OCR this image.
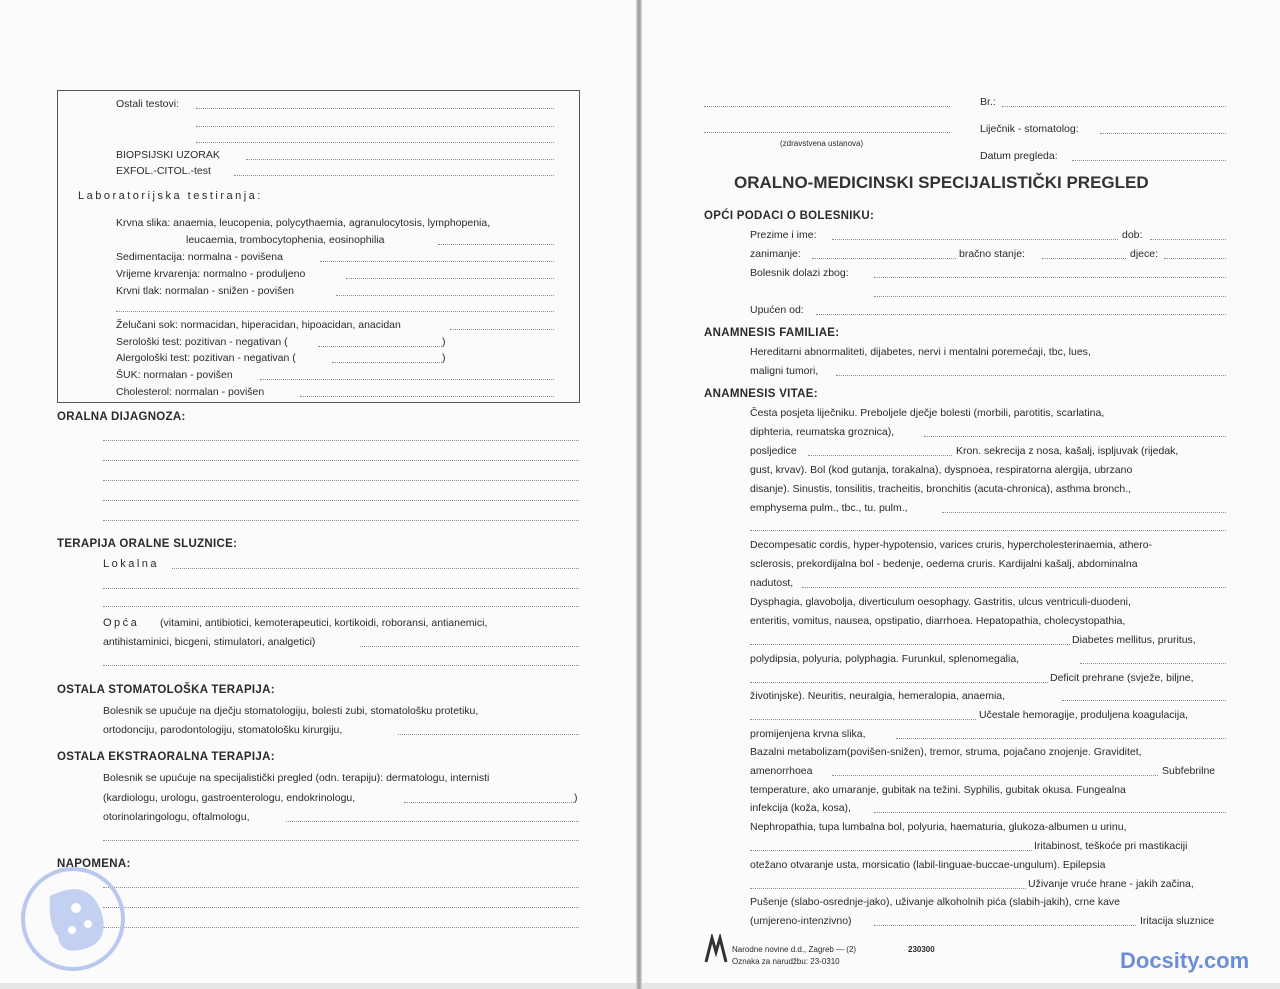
Ostali testovi:
BIOPSIJSKI UZORAK
EXFOL.-CITOL.-test
Laboratorijska testiranja:
Krvna slika: anaemia, leucopenia, polycythaemia, agranulocytosis, lymphopenia,
leucaemia, trombocytophenia, eosinophilia
Sedimentacija: normalna - povišena
Vrijeme krvarenja: normalno - produljeno
Krvni tlak: normalan - snižen - povišen
Želučani sok: normacidan, hiperacidan, hipoacidan, anacidan
Serološki test: pozitivan - negativan (	)
Alergološki test: pozitivan - negativan (	)
ŠUK: normalan - povišen
Cholesterol: normalan - povišen
ORALNA DIJAGNOZA:
TERAPIJA ORALNE SLUZNICE:
Lokalna
Opća (vitamini, antibiotici, kemoterapeutici, kortikoidi, roboransi, antianemici,
antihistaminici, bicgeni, stimulatori, analgetici)
OSTALA STOMATOLOŠKA TERAPIJA:
Bolesnik se upućuje na dječju stomatologiju, bolesti zubi, stomatološku protetiku,
ortodonciju, parodontologiju, stomatološku kirurgiju,
OSTALA EKSTRAORALNA TERAPIJA:
Bolesnik se upućuje na specijalistički pregled (odn. terapiju): dermatologu, internisti
(kardiologu, urologu, gastroenterologu, endokrinologu,	)
otorinolaringologu, oftalmologu,
NAPOMENA:
(zdravstvena ustanova)
Br.:
Liječnik - stomatolog:
Datum pregleda:
ORALNO-MEDICINSKI SPECIJALISTIČKI PREGLED
OPĆI PODACI O BOLESNIKU:
Prezime i ime:	dob:
zanimanje:	bračno stanje:	djece:
Bolesnik dolazi zbog:
Upućen od:
ANAMNESIS FAMILIAE:
Hereditarni abnormaliteti, dijabetes, nervi i mentalni poremećaji, tbc, lues,
maligni tumori,
ANAMNESIS VITAE:
Česta posjeta liječniku. Preboljele dječje bolesti (morbili, parotitis, scarlatina,
diphteria, reumatska groznica),
posljedice	Kron. sekrecija z nosa, kašalj, ispljuvak (rijedak,
gust, krvav). Bol (kod gutanja, torakalna), dyspnoea, respiratorna alergija, ubrzano
disanje). Sinustis, tonsilitis, tracheitis, bronchitis (acuta-chronica), asthma bronch.,
emphysema pulm., tbc., tu. pulm.,
Decompesatic cordis, hyper-hypotensio, varices cruris, hypercholesterinaemia, athero-
sclerosis, prekordijalna bol - bedenje, oedema cruris. Kardijalni kašalj, abdominalna
nadutost,
Dysphagia, glavobolja, diverticulum oesophagy. Gastritis, ulcus ventriculi-duodeni,
enteritis, vomitus, nausea, opstipatio, diarrhoea. Hepatopathia, cholecystopathia,
Diabetes mellitus, pruritus,
polydipsia, polyuria, polyphagia. Furunkul, splenomegalia,
Deficit prehrane (svježe, biljne,
životinjske). Neuritis, neuralgia, hemeralopia, anaemia,
Učestale hemoragije, produljena koagulacija,
promijenjena krvna slika,
Bazalni metabolizam(povišen-snižen), tremor, struma, pojačano znojenje. Graviditet,
amenorrhoea	Subfebrilne
temperature, ako umaranje, gubitak na težini. Syphilis, gubitak okusa. Fungealna
infekcija (koža, kosa),
Nephropathia, tupa lumbalna bol, polyuria, haematuria, glukoza-albumen u urinu,
Iritabinost, teškoće pri mastikaciji
otežano otvaranje usta, morsicatio (labil-linguae-buccae-ungulum). Epilepsia
Uživanje vruće hrane - jakih začina,
Pušenje (slabo-osrednje-jako), uživanje alkoholnih pića (slabih-jakih), crne kave
(umjereno-intenzivno)	Iritacija sluznice
Narodne novine d.d., Zagreb — (2)
Oznaka za narudžbu: 23-0310
230300	Docsity.com
